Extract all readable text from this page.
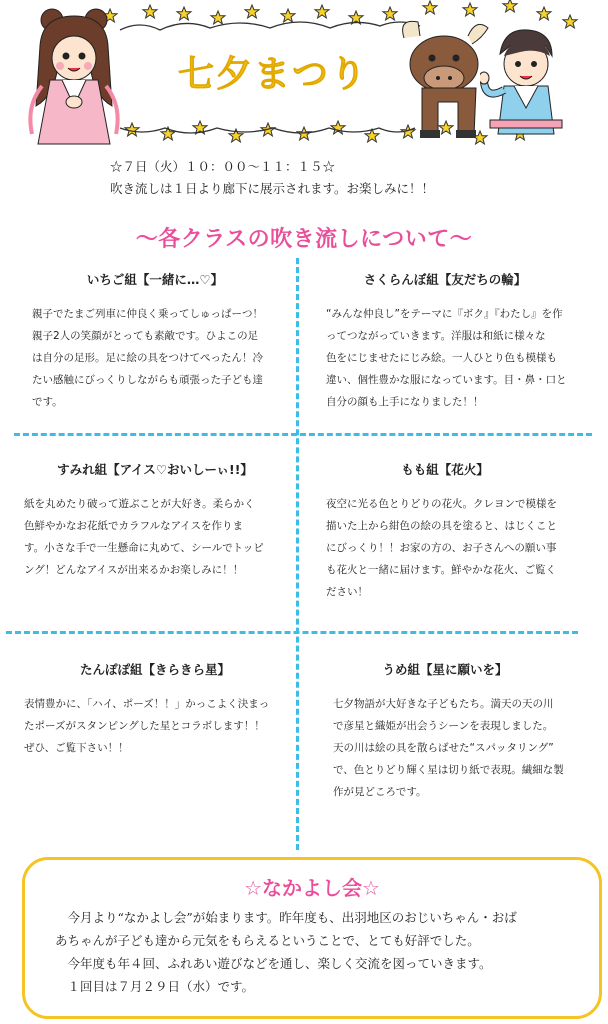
七夕まつり
☆７日（火）１０：００～１１：１５☆
吹き流しは１日より廊下に展示されます。お楽しみに！！
～各クラスの吹き流しについて～
いちご組【一緒に…♡】
親子でたまご列車に仲良く乗ってしゅっぱーつ！
親子2人の笑顔がとっても素敵です。ひよこの足
は自分の足形。足に絵の具をつけてぺったん！冷
たい感触にびっくりしながらも頑張った子ども達
です。
さくらんぼ組【友だちの輪】
“みんな仲良し”をテーマに『ボク』『わたし』を作
ってつながっていきます。洋服は和紙に様々な
色をにじませたにじみ絵。一人ひとり色も模様も
違い、個性豊かな服になっています。目・鼻・口と
自分の顔も上手になりました！！
すみれ組【アイス♡おいしーぃ!!】
紙を丸めたり破って遊ぶことが大好き。柔らかく
色鮮やかなお花紙でカラフルなアイスを作りま
す。小さな手で一生懸命に丸めて、シールでトッピ
ング！どんなアイスが出来るかお楽しみに！！
もも組【花火】
夜空に光る色とりどりの花火。クレヨンで模様を
描いた上から紺色の絵の具を塗ると、はじくこと
にびっくり！！お家の方の、お子さんへの願い事
も花火と一緒に届けます。鮮やかな花火、ご覧く
ださい！
たんぽぽ組【きらきら星】
表情豊かに、「ハイ、ポーズ！！」かっこよく決まっ
たポーズがスタンピングした星とコラボします！！
ぜひ、ご覧下さい！！
うめ組【星に願いを】
七夕物語が大好きな子どもたち。満天の天の川
で彦星と織姫が出会うシーンを表現しました。
天の川は絵の具を散らばせた“スパッタリング”
で、色とりどり輝く星は切り紙で表現。繊細な製
作が見どころです。
☆なかよし会☆
　今月より“なかよし会”が始まります。昨年度も、出羽地区のおじいちゃん・おば
あちゃんが子ども達から元気をもらえるということで、とても好評でした。
　今年度も年４回、ふれあい遊びなどを通し、楽しく交流を図っていきます。
　１回目は７月２９日（水）です。
